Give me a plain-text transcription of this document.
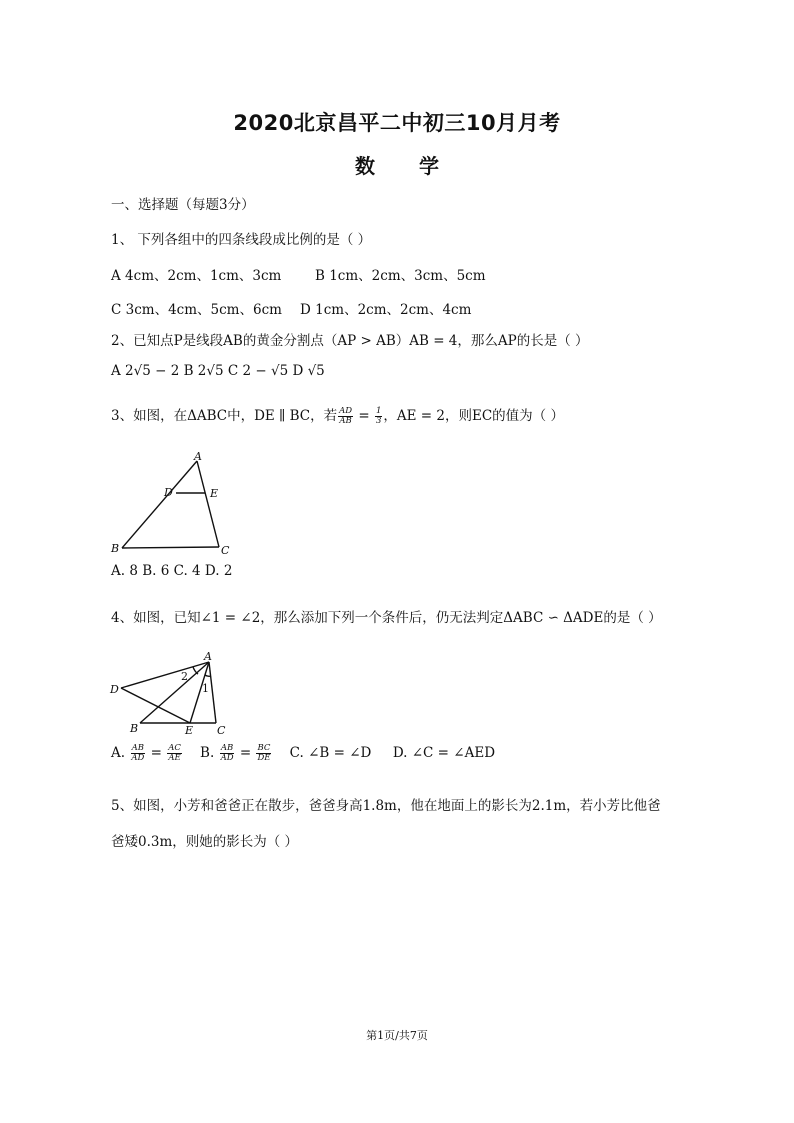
2020北京昌平二中初三10月月考
数学
一、选择题（每题3分）
1、 下列各组中的四条线段成比例的是（ ）
A 4cm、2cm、1cm、3cm B 1cm、2cm、3cm、5cm
C 3cm、4cm、5cm、6cm D 1cm、2cm、2cm、4cm
2、已知点P是线段AB的黄金分割点（AP > AB）AB = 4，那么AP的长是（ ）
A 2√5 − 2 B 2√5 C 2 − √5 D √5
3、如图，在ΔABC中，DE ∥ BC，若 $\frac{AD}{AB} = \frac{1}{3}$ ，AE = 2，则EC的值为（ ）
A
B	C
D	E
A. 8 B. 6 C. 4 D. 2
4、如图，已知∠1 = ∠2，那么添加下列一个条件后，仍无法判定ΔABC ∽ ΔADE的是（ ）
A
B	C
D
E
2
1
A. $\frac{AB}{AD} = \frac{AC}{AE} B$. $\frac{AB}{AD} = \frac{BC}{DE} C$. ∠B = ∠D D. ∠C = ∠AED
5、如图，小芳和爸爸正在散步，爸爸身高1.8m，他在地面上的影长为2.1m，若小芳比他爸
爸矮0.3m，则她的影长为（ ）
第1页/共7页
